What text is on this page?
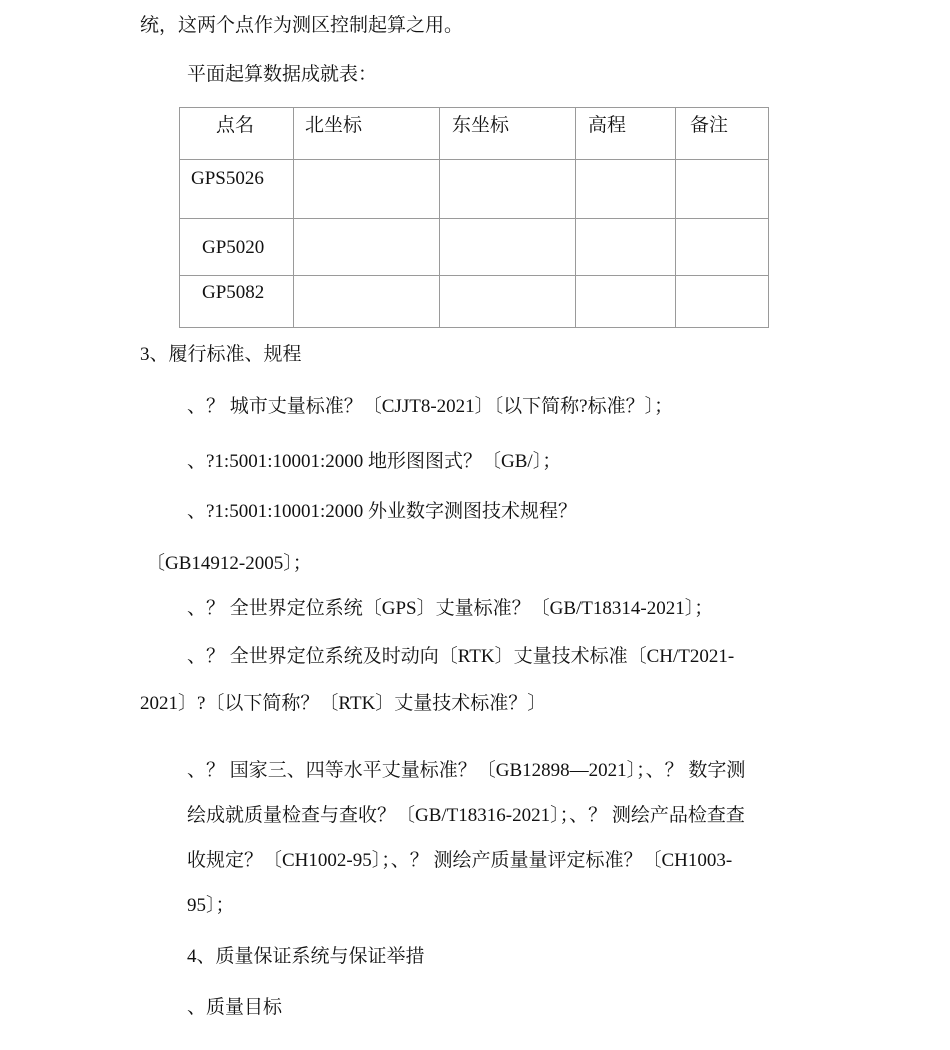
统，这两个点作为测区控制起算之用。
平面起算数据成就表：
点名	北坐标	东坐标	高程	备注

GPS5026				

GP5020				

GP5082				

3、履行标准、规程
、？ 城市丈量标准？〔CJJT8-2021〕〔以下简称?标准？〕；
、?1:5001:10001:2000 地形图图式？〔GB/〕；
、?1:5001:10001:2000 外业数字测图技术规程？
〔GB14912-2005〕；
、？ 全世界定位系统〔GPS〕丈量标准？〔GB/T18314-2021〕；
、？ 全世界定位系统及时动向〔RTK〕丈量技术标准〔CH/T2021-
2021〕?〔以下简称？〔RTK〕丈量技术标准？〕
、？ 国家三、四等水平丈量标准？〔GB12898—2021〕；、？ 数字测
绘成就质量检查与查收？〔GB/T18316-2021〕；、？ 测绘产品检查查
收规定？〔CH1002-95〕；、？ 测绘产质量量评定标准？〔CH1003-
95〕；
4、质量保证系统与保证举措
、质量目标
